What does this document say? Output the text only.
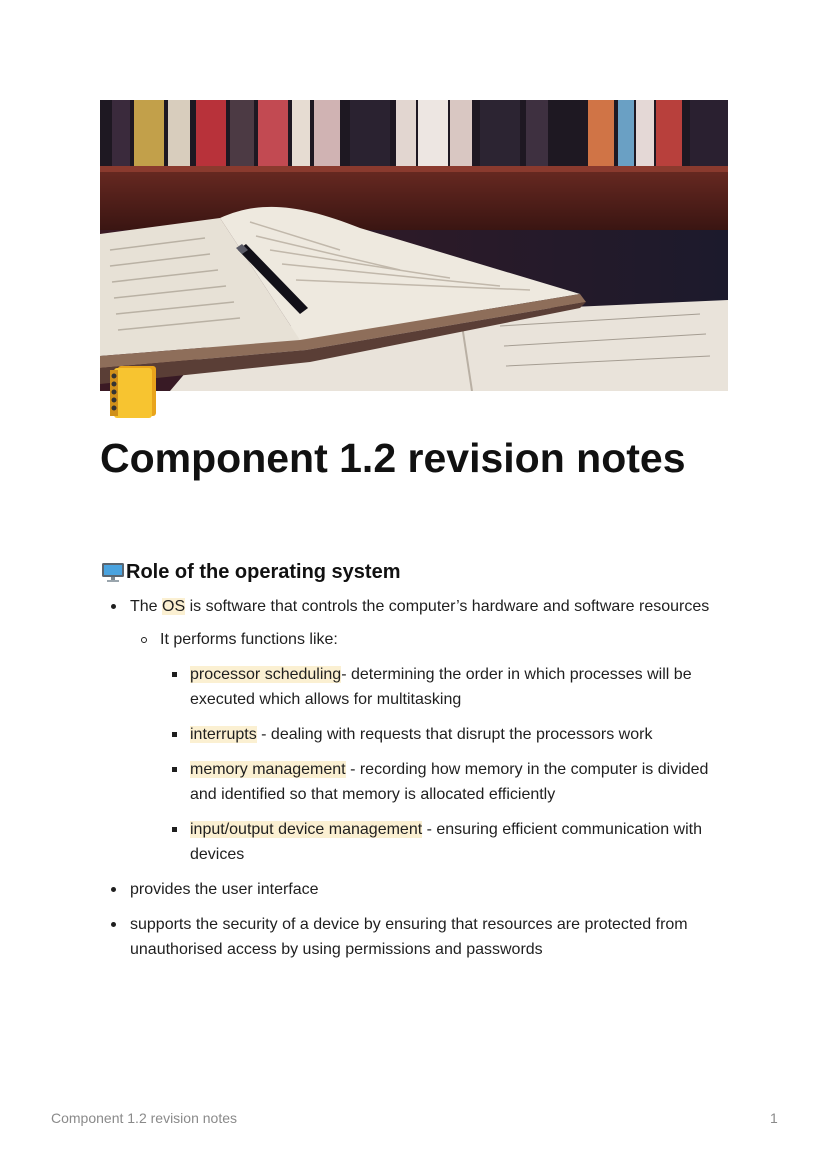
Component 1.2 revision notes
Role of the operating system
The OS is software that controls the computer’s hardware and software resources
It performs functions like:
processor scheduling- determining the order in which processes will be executed which allows for multitasking
interrupts - dealing with requests that disrupt the processors work
memory management - recording how memory in the computer is divided and identified so that memory is allocated efficiently
input/output device management - ensuring efficient communication with devices
provides the user interface
supports the security of a device by ensuring that resources are protected from unauthorised access by using permissions and passwords
Component 1.2 revision notes	1
